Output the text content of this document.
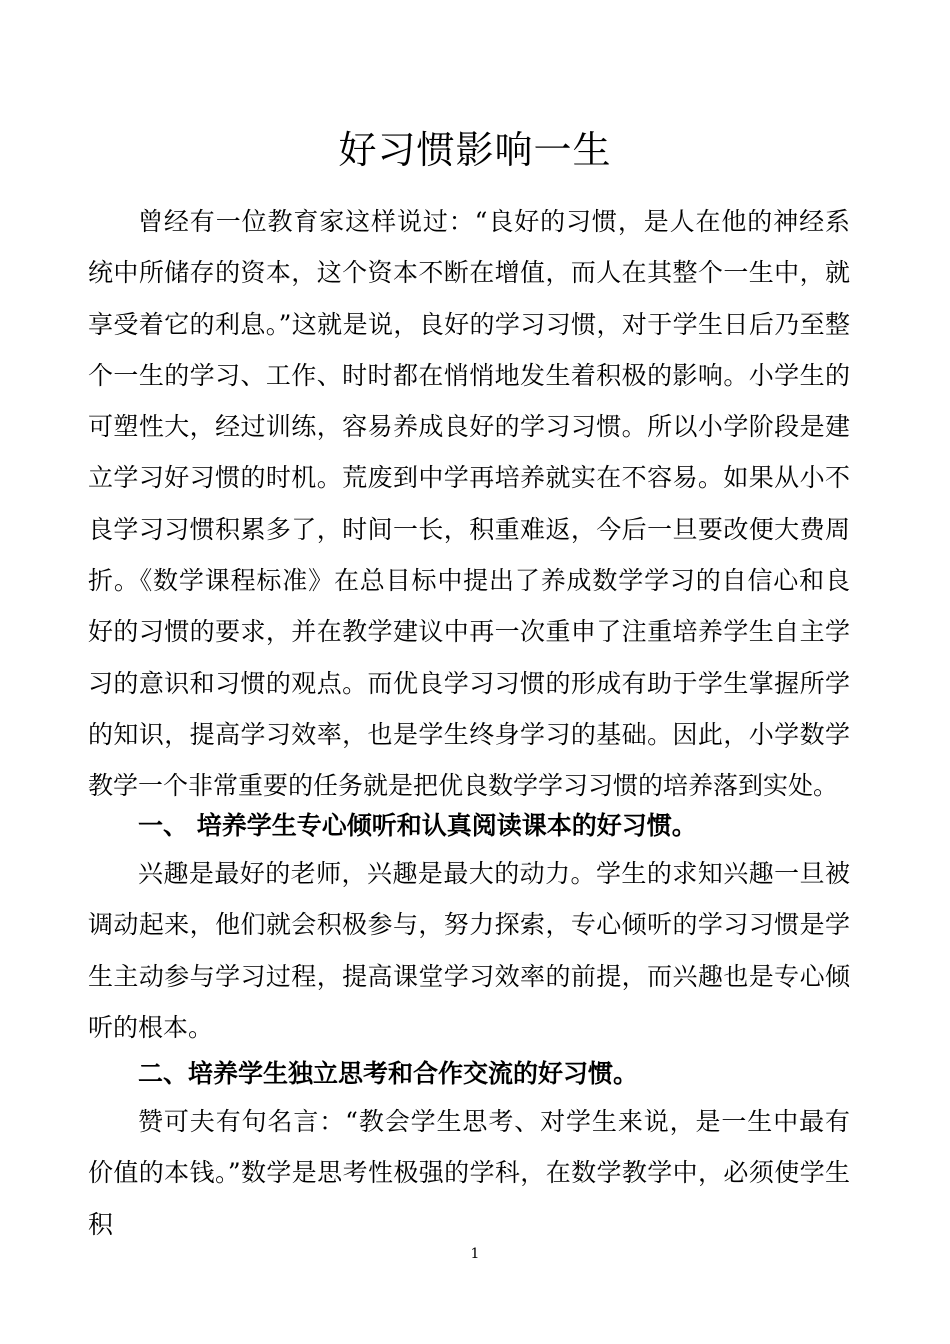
好习惯影响一生

曾经有一位教育家这样说过：“良好的习惯，是人在他的神经系统中所储存的资本，这个资本不断在增值，而人在其整个一生中，就享受着它的利息。”这就是说，良好的学习习惯，对于学生日后乃至整个一生的学习、工作、时时都在悄悄地发生着积极的影响。小学生的可塑性大，经过训练，容易养成良好的学习习惯。所以小学阶段是建立学习好习惯的时机。荒废到中学再培养就实在不容易。如果从小不良学习习惯积累多了，时间一长，积重难返，今后一旦要改便大费周折。《数学课程标准》在总目标中提出了养成数学学习的自信心和良好的习惯的要求，并在教学建议中再一次重申了注重培养学生自主学习的意识和习惯的观点。而优良学习习惯的形成有助于学生掌握所学的知识，提高学习效率，也是学生终身学习的基础。因此，小学数学教学一个非常重要的任务就是把优良数学学习习惯的培养落到实处。

一、 培养学生专心倾听和认真阅读课本的好习惯。

兴趣是最好的老师，兴趣是最大的动力。学生的求知兴趣一旦被调动起来，他们就会积极参与，努力探索，专心倾听的学习习惯是学生主动参与学习过程，提高课堂学习效率的前提，而兴趣也是专心倾听的根本。

二、培养学生独立思考和合作交流的好习惯。

赞可夫有句名言：“教会学生思考、对学生来说，是一生中最有价值的本钱。”数学是思考性极强的学科，在数学教学中，必须使学生积

1
